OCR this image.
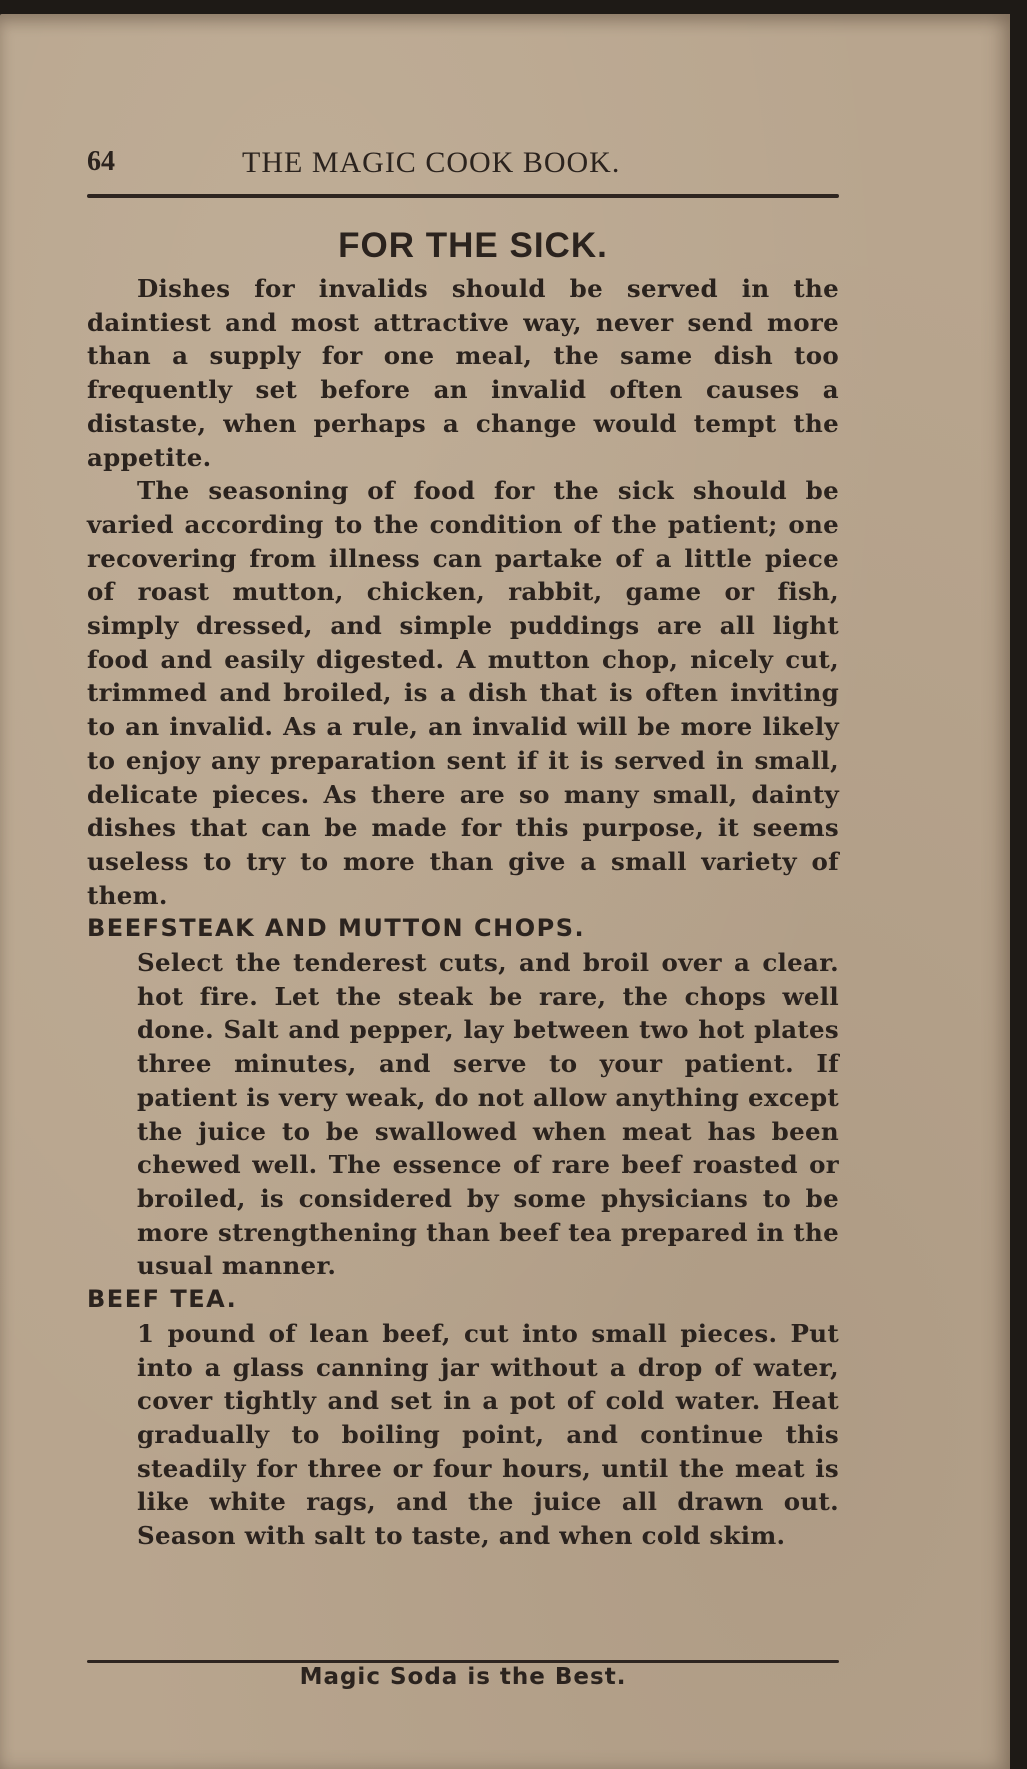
64	THE MAGIC COOK BOOK.
FOR THE SICK.

Dishes for invalids should be served in the daintiest and most attractive way, never send more than a supply for one meal, the same dish too frequently set before an invalid often causes a distaste, when perhaps a change would tempt the appetite.

The seasoning of food for the sick should be varied according to the condition of the patient; one recovering from illness can partake of a little piece of roast mutton, chicken, rabbit, game or fish, simply dressed, and simple puddings are all light food and easily digested. A mutton chop, nicely cut, trimmed and broiled, is a dish that is often inviting to an invalid. As a rule, an invalid will be more likely to enjoy any preparation sent if it is served in small, delicate pieces. As there are so many small, dainty dishes that can be made for this purpose, it seems useless to try to more than give a small variety of them.

BEEFSTEAK AND MUTTON CHOPS.

Select the tenderest cuts, and broil over a clear. hot fire. Let the steak be rare, the chops well done. Salt and pepper, lay between two hot plates three minutes, and serve to your patient. If patient is very weak, do not allow anything except the juice to be swallowed when meat has been chewed well. The essence of rare beef roasted or broiled, is considered by some physicians to be more strengthening than beef tea prepared in the usual manner.

BEEF TEA.

1 pound of lean beef, cut into small pieces. Put into a glass canning jar without a drop of water, cover tightly and set in a pot of cold water. Heat gradually to boiling point, and continue this steadily for three or four hours, until the meat is like white rags, and the juice all drawn out. Season with salt to taste, and when cold skim.

Magic Soda is the Best.
